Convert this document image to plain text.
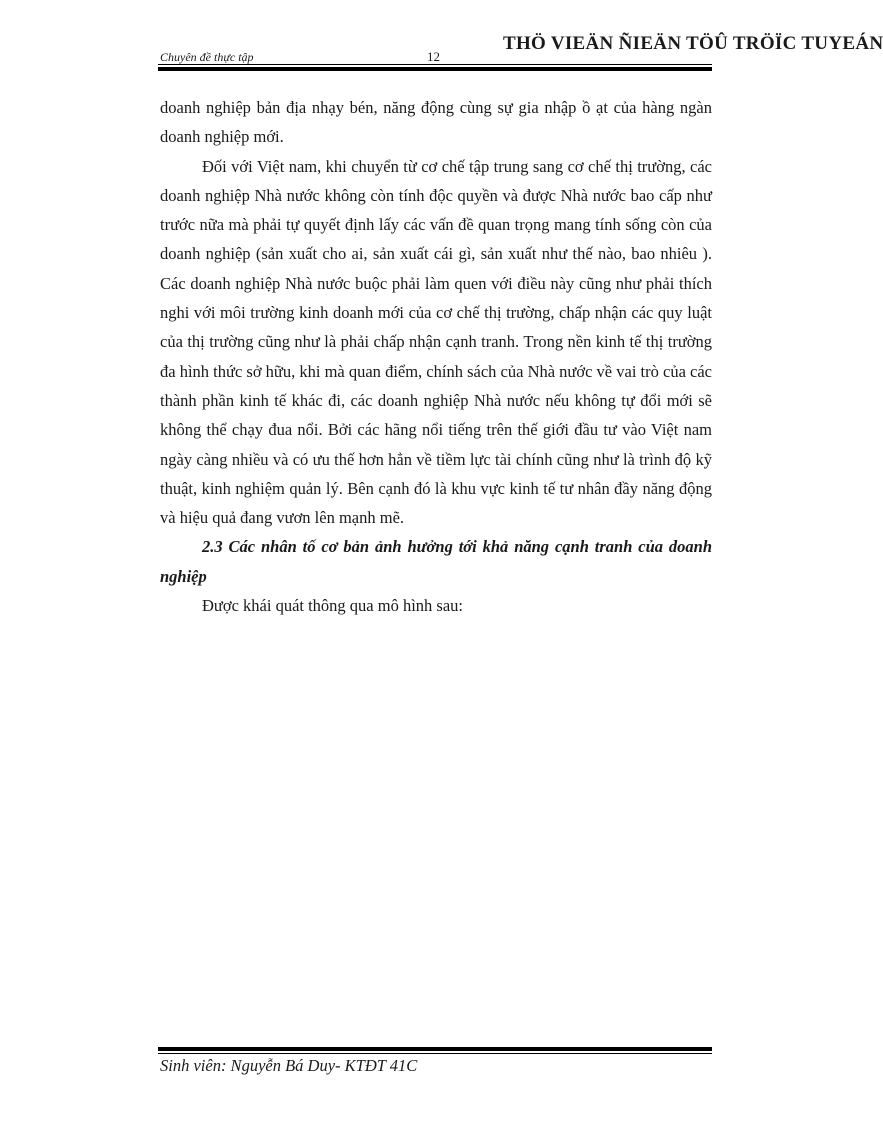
Chuyên đề thực tập	12
THÖ VIEÄN ÑIEÄN TÖÛ TRÖÏC TUYEÁN

doanh nghiệp bản địa nhạy bén, năng động cùng sự gia nhập ồ ạt của hàng ngàn doanh nghiệp mới.

Đối với Việt nam, khi chuyển từ cơ chế tập trung sang cơ chế thị trường, các doanh nghiệp Nhà nước không còn tính độc quyền và được Nhà nước bao cấp như trước nữa mà phải tự quyết định lấy các vấn đề quan trọng mang tính sống còn của doanh nghiệp (sản xuất cho ai, sản xuất cái gì, sản xuất như thế nào, bao nhiêu ). Các doanh nghiệp Nhà nước buộc phải làm quen với điều này cũng như phải thích nghi với môi trường kinh doanh mới của cơ chế thị trường, chấp nhận các quy luật của thị trường cũng như là phải chấp nhận cạnh tranh. Trong nền kinh tế thị trường đa hình thức sở hữu, khi mà quan điểm, chính sách của Nhà nước về vai trò của các thành phần kinh tế khác đi, các doanh nghiệp Nhà nước nếu không tự đổi mới sẽ không thể chạy đua nổi. Bởi các hãng nổi tiếng trên thế giới đầu tư vào Việt nam ngày càng nhiều và có ưu thế hơn hẳn về tiềm lực tài chính cũng như là trình độ kỹ thuật, kinh nghiệm quản lý. Bên cạnh đó là khu vực kinh tế tư nhân đầy năng động và hiệu quả đang vươn lên mạnh mẽ.

2.3 Các nhân tố cơ bản ảnh hưởng tới khả năng cạnh tranh của doanh nghiệp

Được khái quát thông qua mô hình sau:

Sinh viên: Nguyễn Bá Duy- KTĐT 41C
